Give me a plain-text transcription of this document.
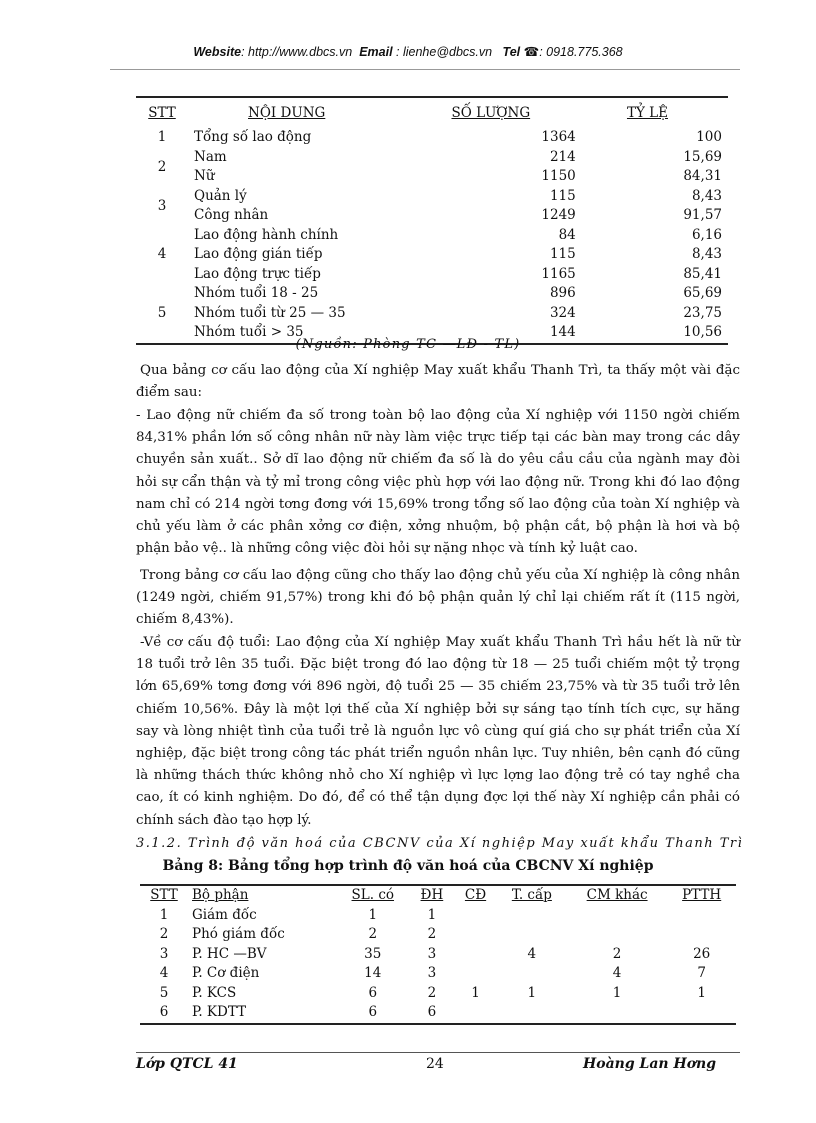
Website: http://www.dbcs.vn Email : lienhe@dbcs.vn Tel ☎: 0918.775.368
STT	NỘI DUNG	SỐ LƯỢNG	TỶ LỆ
1	Tổng số lao động	1364	100
2	Nam	214	15,69
	Nữ	1150	84,31
3	Quản lý	115	8,43
	Công nhân	1249	91,57
4	Lao động hành chính	84	6,16
	Lao động gián tiếp	115	8,43
	Lao động trực tiếp	1165	85,41
5	Nhóm tuổi 18 - 25	896	65,69
	Nhóm tuổi từ 25 — 35	324	23,75
	Nhóm tuổi > 35	144	10,56
(Nguồn: Phòng TC —LĐ - TL)
Qua bảng cơ cấu lao động của Xí nghiệp May xuất khẩu Thanh Trì, ta thấy một vài đặc điểm sau:
- Lao động nữ chiếm đa số trong toàn bộ lao động của Xí nghiệp với 1150 ngời chiếm 84,31% phần lớn số công nhân nữ này làm việc trực tiếp tại các bàn may trong các dây chuyền sản xuất.. Sở dĩ lao động nữ chiếm đa số là do yêu cầu cầu của ngành may đòi hỏi sự cẩn thận và tỷ mỉ trong công việc phù hợp với lao động nữ. Trong khi đó lao động nam chỉ có 214 ngời tơng đơng với 15,69% trong tổng số lao động của toàn Xí nghiệp và chủ yếu làm ở các phân xởng cơ điện, xởng nhuộm, bộ phận cắt, bộ phận là hơi và bộ phận bảo vệ.. là những công việc đòi hỏi sự nặng nhọc và tính kỷ luật cao.
Trong bảng cơ cấu lao động cũng cho thấy lao động chủ yếu của Xí nghiệp là công nhân (1249 ngời, chiếm 91,57%) trong khi đó bộ phận quản lý chỉ lại chiếm rất ít (115 ngời, chiếm 8,43%).
-Về cơ cấu độ tuổi: Lao động của Xí nghiệp May xuất khẩu Thanh Trì hầu hết là nữ từ 18 tuổi trở lên 35 tuổi. Đặc biệt trong đó lao động từ 18 — 25 tuổi chiếm một tỷ trọng lớn 65,69% tơng đơng với 896 ngời, độ tuổi 25 — 35 chiếm 23,75% và từ 35 tuổi trở lên chiếm 10,56%. Đây là một lợi thế của Xí nghiệp bởi sự sáng tạo tính tích cực, sự hăng say và lòng nhiệt tình của tuổi trẻ là nguồn lực vô cùng quí giá cho sự phát triển của Xí nghiệp, đặc biệt trong công tác phát triển nguồn nhân lực. Tuy nhiên, bên cạnh đó cũng là những thách thức không nhỏ cho Xí nghiệp vì lực lợng lao động trẻ có tay nghề cha cao, ít có kinh nghiệm. Do đó, để có thể tận dụng đợc lợi thế này Xí nghiệp cần phải có chính sách đào tạo hợp lý.
3.1.2. Trình độ văn hoá của CBCNV của Xí nghiệp May xuất khẩu Thanh Trì
Bảng 8: Bảng tổng hợp trình độ văn hoá của CBCNV Xí nghiệp
STT	Bộ phận	SL. có	ĐH	CĐ	T. cấp	CM khác	PTTH
1	Giám đốc	1	1				
2	Phó giám đốc	2	2				
3	P. HC —BV	35	3		4	2	26
4	P. Cơ điện	14	3			4	7
5	P. KCS	6	2	1	1	1	1
6	P. KDTT	6	6				
Lớp QTCL 41	24	Hoàng Lan Hơng
